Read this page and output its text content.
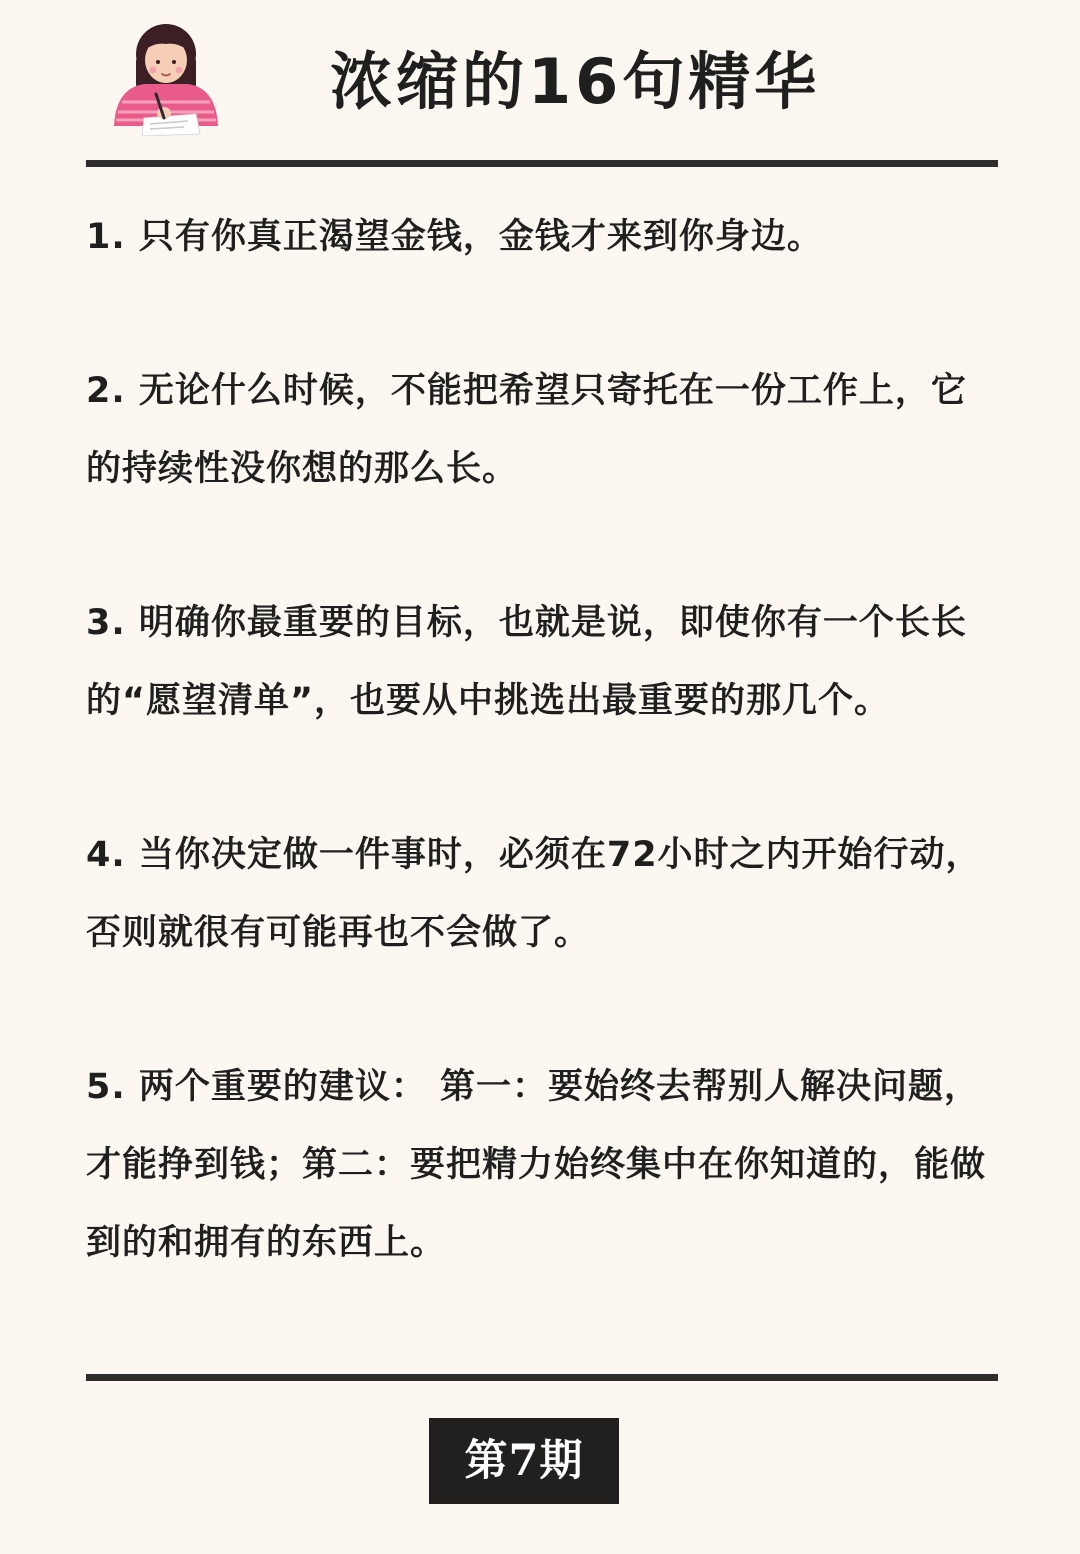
浓缩的16句精华

1. 只有你真正渴望金钱，金钱才来到你身边。

2. 无论什么时候，不能把希望只寄托在一份工作上，它的持续性没你想的那么长。

3. 明确你最重要的目标，也就是说，即使你有一个长长的“愿望清单”，也要从中挑选出最重要的那几个。

4. 当你决定做一件事时，必须在72小时之内开始行动，否则就很有可能再也不会做了。

5. 两个重要的建议： 第一：要始终去帮别人解决问题，才能挣到钱；第二：要把精力始终集中在你知道的，能做到的和拥有的东西上。

第7期
